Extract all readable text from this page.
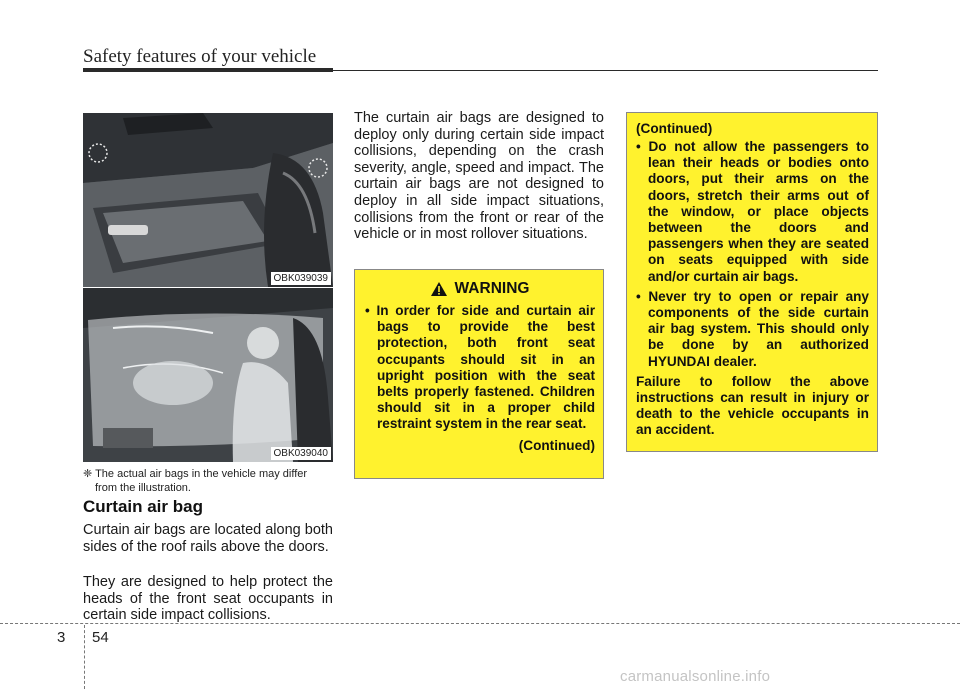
Safety features of your vehicle
OBK039039
OBK039040
❈ The actual air bags in the vehicle may differ
from the illustration.
Curtain air bag

Curtain air bags are located along both sides of the roof rails above the doors.

They are designed to help protect the heads of the front seat occupants in certain side impact collisions.

The curtain air bags are designed to deploy only during certain side impact collisions, depending on the crash severity, angle, speed and impact. The curtain air bags are not designed to deploy in all side impact situations, collisions from the front or rear of the vehicle or in most rollover situations.

WARNING

• In order for side and curtain air bags to provide the best protection, both front seat occupants should sit in an upright position with the seat belts properly fastened. Children should sit in a proper child restraint system in the rear seat.

(Continued)
(Continued)

• Do not allow the passengers to lean their heads or bodies onto doors, put their arms on the doors, stretch their arms out of the window, or place objects between the doors and passengers when they are seated on seats equipped with side and/or curtain air bags.

• Never try to open or repair any components of the side curtain air bag system. This should only be done by an authorized HYUNDAI dealer.

Failure to follow the above instructions can result in injury or death to the vehicle occupants in an accident.

3 54
carmanualsonline.info
